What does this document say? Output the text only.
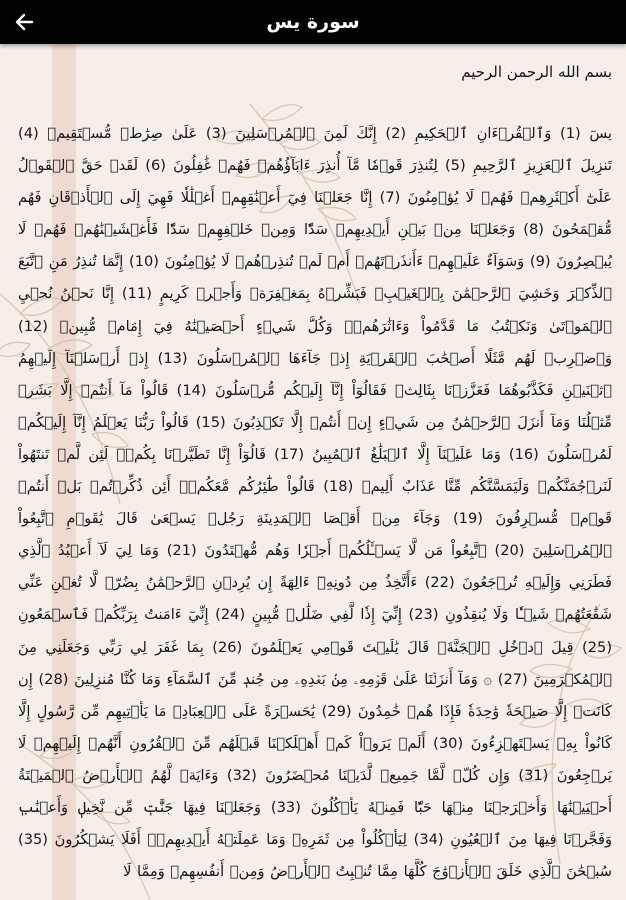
سورة يس

بسم الله الرحمن الرحيم

يسٓ (1) وَٱلۡقُرۡءَانِ ٱلۡحَكِيمِ (2) إِنَّكَ لَمِنَ ٱلۡمُرۡسَلِينَ (3) عَلَىٰ صِرَٰطٖ مُّسۡتَقِيمٖ (4) تَنزِيلَ ٱلۡعَزِيزِ ٱلرَّحِيمِ (5) لِتُنذِرَ قَوۡمٗا مَّآ أُنذِرَ ءَابَآؤُهُمۡ فَهُمۡ غَٰفِلُونَ (6) لَقَدۡ حَقَّ ٱلۡقَوۡلُ عَلَىٰٓ أَكۡثَرِهِمۡ فَهُمۡ لَا يُؤۡمِنُونَ (7) إِنَّا جَعَلۡنَا فِيٓ أَعۡنَٰقِهِمۡ أَغۡلَٰلٗا فَهِيَ إِلَى ٱلۡأَذۡقَانِ فَهُم مُّقۡمَحُونَ (8) وَجَعَلۡنَا مِنۢ بَيۡنِ أَيۡدِيهِمۡ سَدّٗا وَمِنۡ خَلۡفِهِمۡ سَدّٗا فَأَغۡشَيۡنَٰهُمۡ فَهُمۡ لَا يُبۡصِرُونَ (9) وَسَوَآءٌ عَلَيۡهِمۡ ءَأَنذَرۡتَهُمۡ أَمۡ لَمۡ تُنذِرۡهُمۡ لَا يُؤۡمِنُونَ (10) إِنَّمَا تُنذِرُ مَنِ ٱتَّبَعَ ٱلذِّكۡرَ وَخَشِيَ ٱلرَّحۡمَٰنَ بِٱلۡغَيۡبِۖ فَبَشِّرۡهُ بِمَغۡفِرَةٖ وَأَجۡرٖ كَرِيمٍ (11) إِنَّا نَحۡنُ نُحۡيِ ٱلۡمَوۡتَىٰ وَنَكۡتُبُ مَا قَدَّمُواْ وَءَاثَٰرَهُمۡۚ وَكُلَّ شَيۡءٍ أَحۡصَيۡنَٰهُ فِيٓ إِمَامٖ مُّبِينٖ (12) وَٱضۡرِبۡ لَهُم مَّثَلًا أَصۡحَٰبَ ٱلۡقَرۡيَةِ إِذۡ جَآءَهَا ٱلۡمُرۡسَلُونَ (13) إِذۡ أَرۡسَلۡنَآ إِلَيۡهِمُ ٱثۡنَيۡنِ فَكَذَّبُوهُمَا فَعَزَّزۡنَا بِثَالِثٖ فَقَالُوٓاْ إِنَّآ إِلَيۡكُم مُّرۡسَلُونَ (14) قَالُواْ مَآ أَنتُمۡ إِلَّا بَشَرٞ مِّثۡلُنَا وَمَآ أَنزَلَ ٱلرَّحۡمَٰنُ مِن شَيۡءٍ إِنۡ أَنتُمۡ إِلَّا تَكۡذِبُونَ (15) قَالُواْ رَبُّنَا يَعۡلَمُ إِنَّآ إِلَيۡكُمۡ لَمُرۡسَلُونَ (16) وَمَا عَلَيۡنَآ إِلَّا ٱلۡبَلَٰغُ ٱلۡمُبِينُ (17) قَالُوٓاْ إِنَّا تَطَيَّرۡنَا بِكُمۡۖ لَئِن لَّمۡ تَنتَهُواْ لَنَرۡجُمَنَّكُمۡ وَلَيَمَسَّنَّكُم مِّنَّا عَذَابٌ أَلِيمٞ (18) قَالُواْ طَٰٓئِرُكُم مَّعَكُمۡۚ أَئِن ذُكِّرۡتُمۚ بَلۡ أَنتُمۡ قَوۡمٞ مُّسۡرِفُونَ (19) وَجَآءَ مِنۡ أَقۡصَا ٱلۡمَدِينَةِ رَجُلٞ يَسۡعَىٰ قَالَ يَٰقَوۡمِ ٱتَّبِعُواْ ٱلۡمُرۡسَلِينَ (20) ٱتَّبِعُواْ مَن لَّا يَسۡـَٔلُكُمۡ أَجۡرٗا وَهُم مُّهۡتَدُونَ (21) وَمَا لِيَ لَآ أَعۡبُدُ ٱلَّذِي فَطَرَنِي وَإِلَيۡهِ تُرۡجَعُونَ (22) ءَأَتَّخِذُ مِن دُونِهِۦٓ ءَالِهَةً إِن يُرِدۡنِ ٱلرَّحۡمَٰنُ بِضُرّٖ لَّا تُغۡنِ عَنِّي شَفَٰعَتُهُمۡ شَيۡـٔٗا وَلَا يُنقِذُونِ (23) إِنِّيٓ إِذٗا لَّفِي ضَلَٰلٖ مُّبِينٍ (24) إِنِّيٓ ءَامَنتُ بِرَبِّكُمۡ فَٱسۡمَعُونِ (25) قِيلَ ٱدۡخُلِ ٱلۡجَنَّةَۖ قَالَ يَٰلَيۡتَ قَوۡمِي يَعۡلَمُونَ (26) بِمَا غَفَرَ لِي رَبِّي وَجَعَلَنِي مِنَ ٱلۡمُكۡرَمِينَ (27) ۞ وَمَآ أَنزَلۡنَا عَلَىٰ قَوۡمِهِۦ مِنۢ بَعۡدِهِۦ مِن جُندٖ مِّنَ ٱلسَّمَآءِ وَمَا كُنَّا مُنزِلِينَ (28) إِن كَانَتۡ إِلَّا صَيۡحَةٗ وَٰحِدَةٗ فَإِذَا هُمۡ خَٰمِدُونَ (29) يَٰحَسۡرَةً عَلَى ٱلۡعِبَادِۚ مَا يَأۡتِيهِم مِّن رَّسُولٍ إِلَّا كَانُواْ بِهِۦ يَسۡتَهۡزِءُونَ (30) أَلَمۡ يَرَوۡاْ كَمۡ أَهۡلَكۡنَا قَبۡلَهُم مِّنَ ٱلۡقُرُونِ أَنَّهُمۡ إِلَيۡهِمۡ لَا يَرۡجِعُونَ (31) وَإِن كُلّٞ لَّمَّا جَمِيعٞ لَّدَيۡنَا مُحۡضَرُونَ (32) وَءَايَةٞ لَّهُمُ ٱلۡأَرۡضُ ٱلۡمَيۡتَةُ أَحۡيَيۡنَٰهَا وَأَخۡرَجۡنَا مِنۡهَا حَبّٗا فَمِنۡهُ يَأۡكُلُونَ (33) وَجَعَلۡنَا فِيهَا جَنَّٰتٖ مِّن نَّخِيلٖ وَأَعۡنَٰبٖ وَفَجَّرۡنَا فِيهَا مِنَ ٱلۡعُيُونِ (34) لِيَأۡكُلُواْ مِن ثَمَرِهِۦ وَمَا عَمِلَتۡهُ أَيۡدِيهِمۡۚ أَفَلَا يَشۡكُرُونَ (35) سُبۡحَٰنَ ٱلَّذِي خَلَقَ ٱلۡأَزۡوَٰجَ كُلَّهَا مِمَّا تُنۢبِتُ ٱلۡأَرۡضُ وَمِنۡ أَنفُسِهِمۡ وَمِمَّا لَا
